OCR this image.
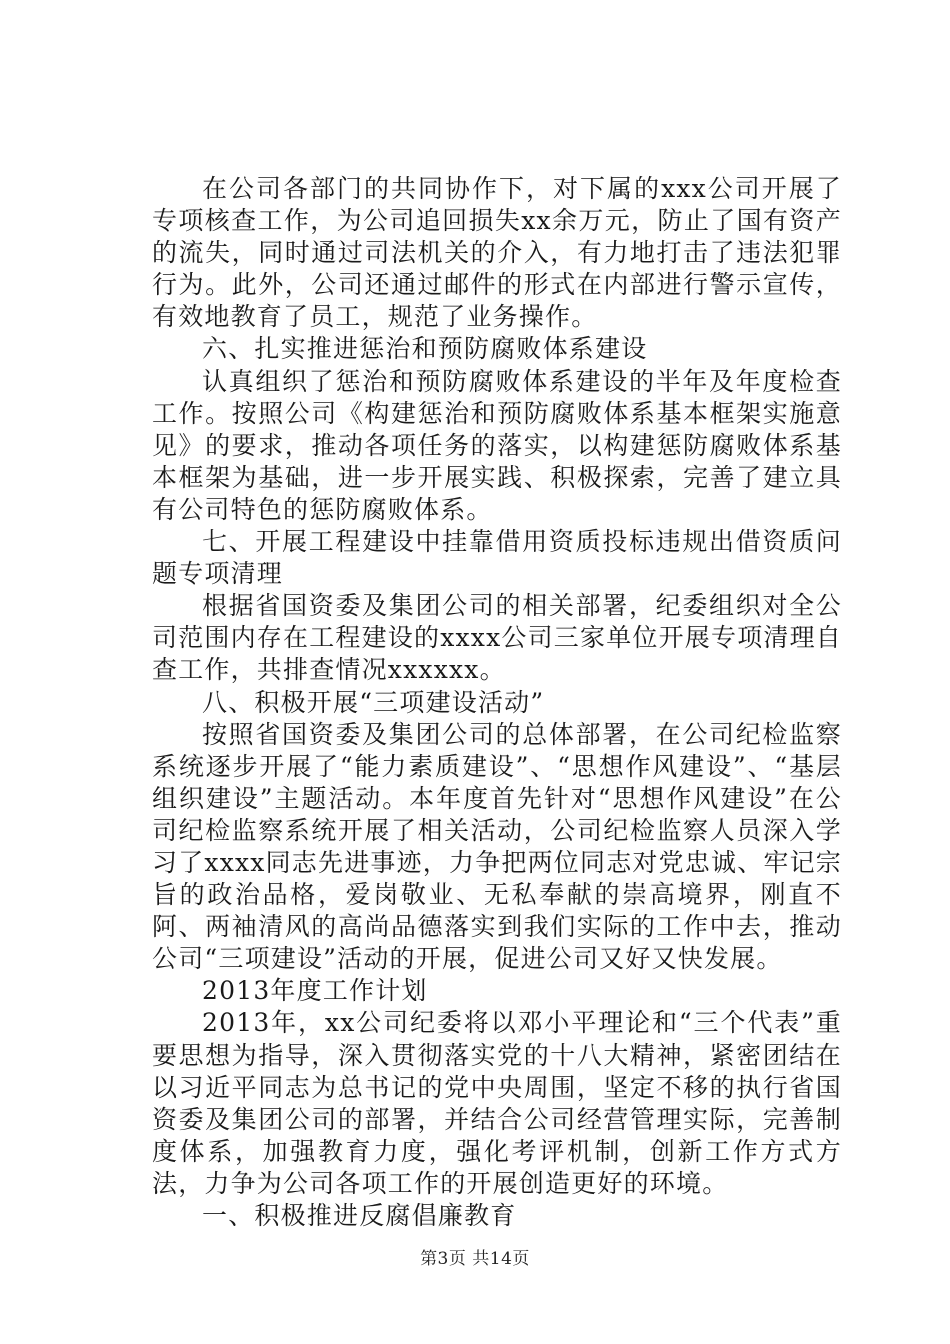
在公司各部门的共同协作下，对下属的xxx公司开展了专项核查工作，为公司追回损失xx余万元，防止了国有资产的流失，同时通过司法机关的介入，有力地打击了违法犯罪行为。此外，公司还通过邮件的形式在内部进行警示宣传，有效地教育了员工，规范了业务操作。

六、扎实推进惩治和预防腐败体系建设

认真组织了惩治和预防腐败体系建设的半年及年度检查工作。按照公司《构建惩治和预防腐败体系基本框架实施意见》的要求，推动各项任务的落实，以构建惩防腐败体系基本框架为基础，进一步开展实践、积极探索，完善了建立具有公司特色的惩防腐败体系。

七、开展工程建设中挂靠借用资质投标违规出借资质问题专项清理

根据省国资委及集团公司的相关部署，纪委组织对全公司范围内存在工程建设的xxxx公司三家单位开展专项清理自查工作，共排查情况xxxxxx。

八、积极开展“三项建设活动”

按照省国资委及集团公司的总体部署，在公司纪检监察系统逐步开展了“能力素质建设”、“思想作风建设”、“基层组织建设”主题活动。本年度首先针对“思想作风建设”在公司纪检监察系统开展了相关活动，公司纪检监察人员深入学习了xxxx同志先进事迹，力争把两位同志对党忠诚、牢记宗旨的政治品格，爱岗敬业、无私奉献的崇高境界，刚直不阿、两袖清风的高尚品德落实到我们实际的工作中去，推动公司“三项建设”活动的开展，促进公司又好又快发展。

2013年度工作计划

2013年，xx公司纪委将以邓小平理论和“三个代表”重要思想为指导，深入贯彻落实党的十八大精神，紧密团结在以习近平同志为总书记的党中央周围，坚定不移的执行省国资委及集团公司的部署，并结合公司经营管理实际，完善制度体系，加强教育力度，强化考评机制，创新工作方式方法，力争为公司各项工作的开展创造更好的环境。

一、积极推进反腐倡廉教育

第3页 共14页
